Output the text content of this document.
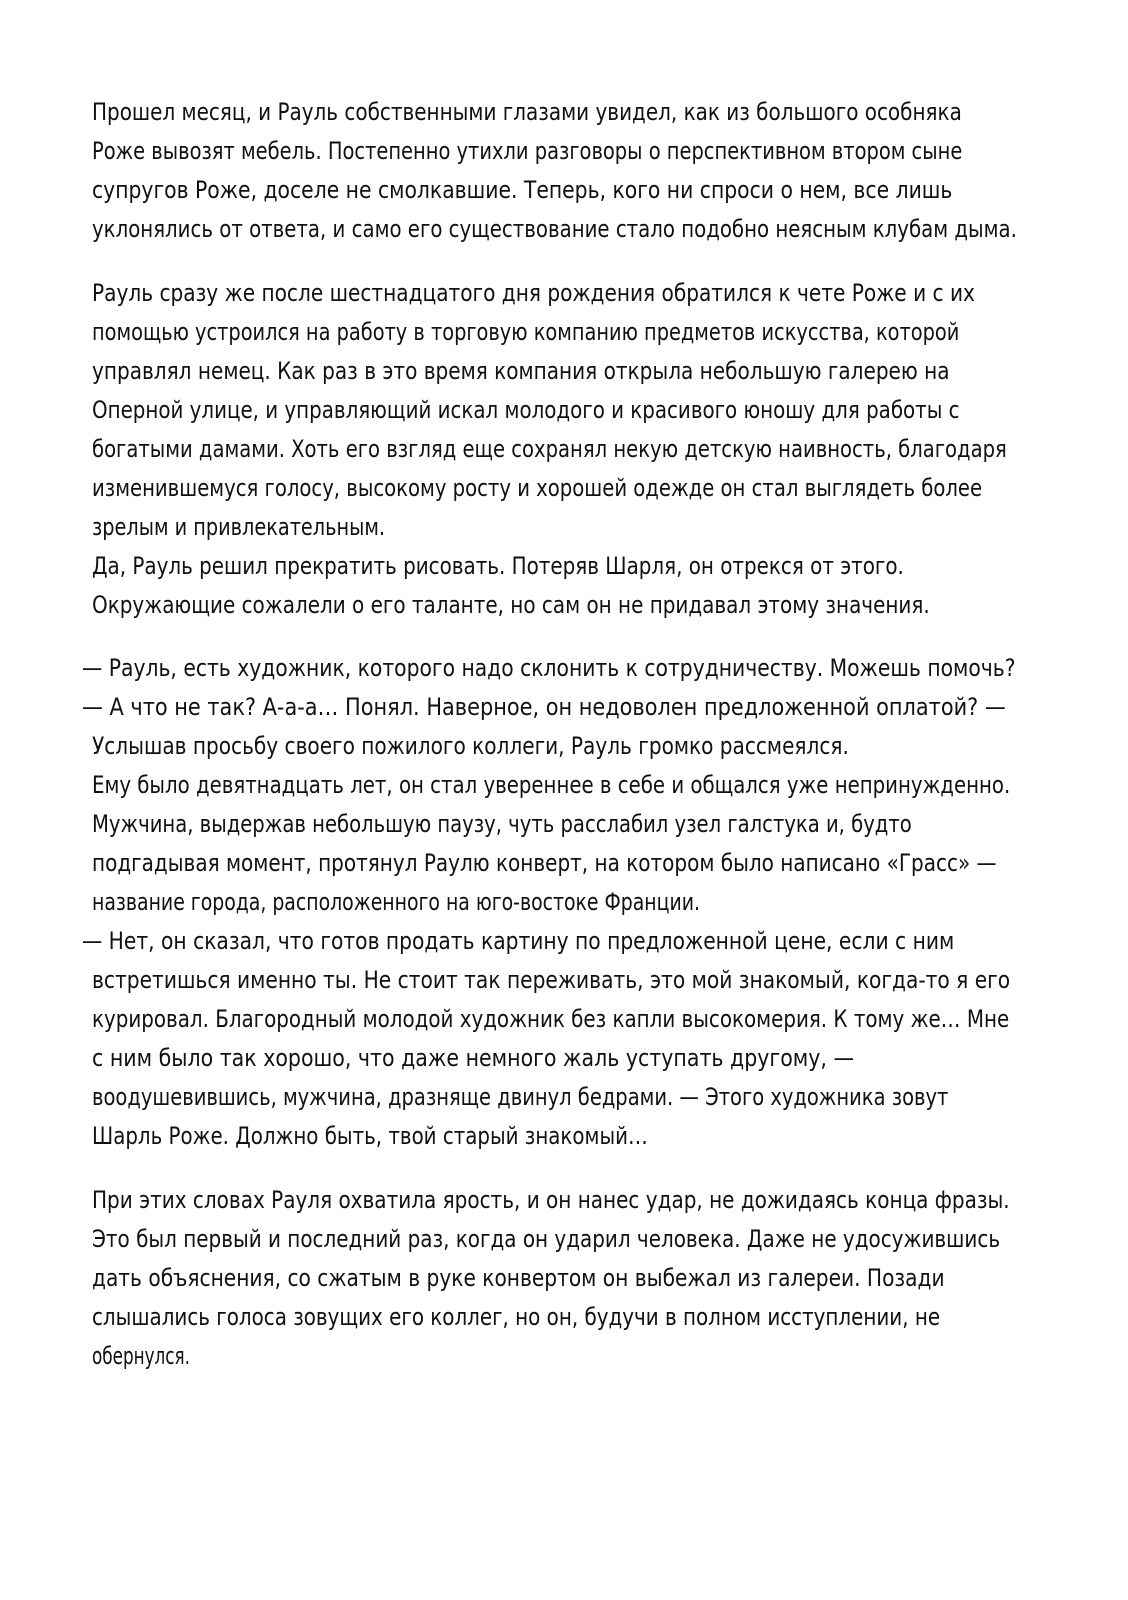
Прошел месяц, и Рауль собственными глазами увидел, как из большого особняка

Роже вывозят мебель. Постепенно утихли разговоры о перспективном втором сыне

супругов Роже, доселе не смолкавшие. Теперь, кого ни спроси о нем, все лишь

уклонялись от ответа, и само его существование стало подобно неясным клубам дыма.

Рауль сразу же после шестнадцатого дня рождения обратился к чете Роже и с их

помощью устроился на работу в торговую компанию предметов искусства, которой

управлял немец. Как раз в это время компания открыла небольшую галерею на

Оперной улице, и управляющий искал молодого и красивого юношу для работы с

богатыми дамами. Хоть его взгляд еще сохранял некую детскую наивность, благодаря

изменившемуся голосу, высокому росту и хорошей одежде он стал выглядеть более

зрелым и привлекательным.

Да, Рауль решил прекратить рисовать. Потеряв Шарля, он отрекся от этого.

Окружающие сожалели о его таланте, но сам он не придавал этому значения.

— Рауль, есть художник, которого надо склонить к сотрудничеству. Можешь помочь?

— А что не так? А-а-а… Понял. Наверное, он недоволен предложенной оплатой? —

Услышав просьбу своего пожилого коллеги, Рауль громко рассмеялся.

Ему было девятнадцать лет, он стал увереннее в себе и общался уже непринужденно.

Мужчина, выдержав небольшую паузу, чуть расслабил узел галстука и, будто

подгадывая момент, протянул Раулю конверт, на котором было написано «Грасс» —

название города, расположенного на юго-востоке Франции.

— Нет, он сказал, что готов продать картину по предложенной цене, если с ним

встретишься именно ты. Не стоит так переживать, это мой знакомый, когда-то я его

курировал. Благородный молодой художник без капли высокомерия. К тому же… Мне

с ним было так хорошо, что даже немного жаль уступать другому, —

воодушевившись, мужчина, дразняще двинул бедрами. — Этого художника зовут

Шарль Роже. Должно быть, твой старый знакомый…

При этих словах Рауля охватила ярость, и он нанес удар, не дожидаясь конца фразы.

Это был первый и последний раз, когда он ударил человека. Даже не удосужившись

дать объяснения, со сжатым в руке конвертом он выбежал из галереи. Позади

слышались голоса зовущих его коллег, но он, будучи в полном исступлении, не

обернулся.
